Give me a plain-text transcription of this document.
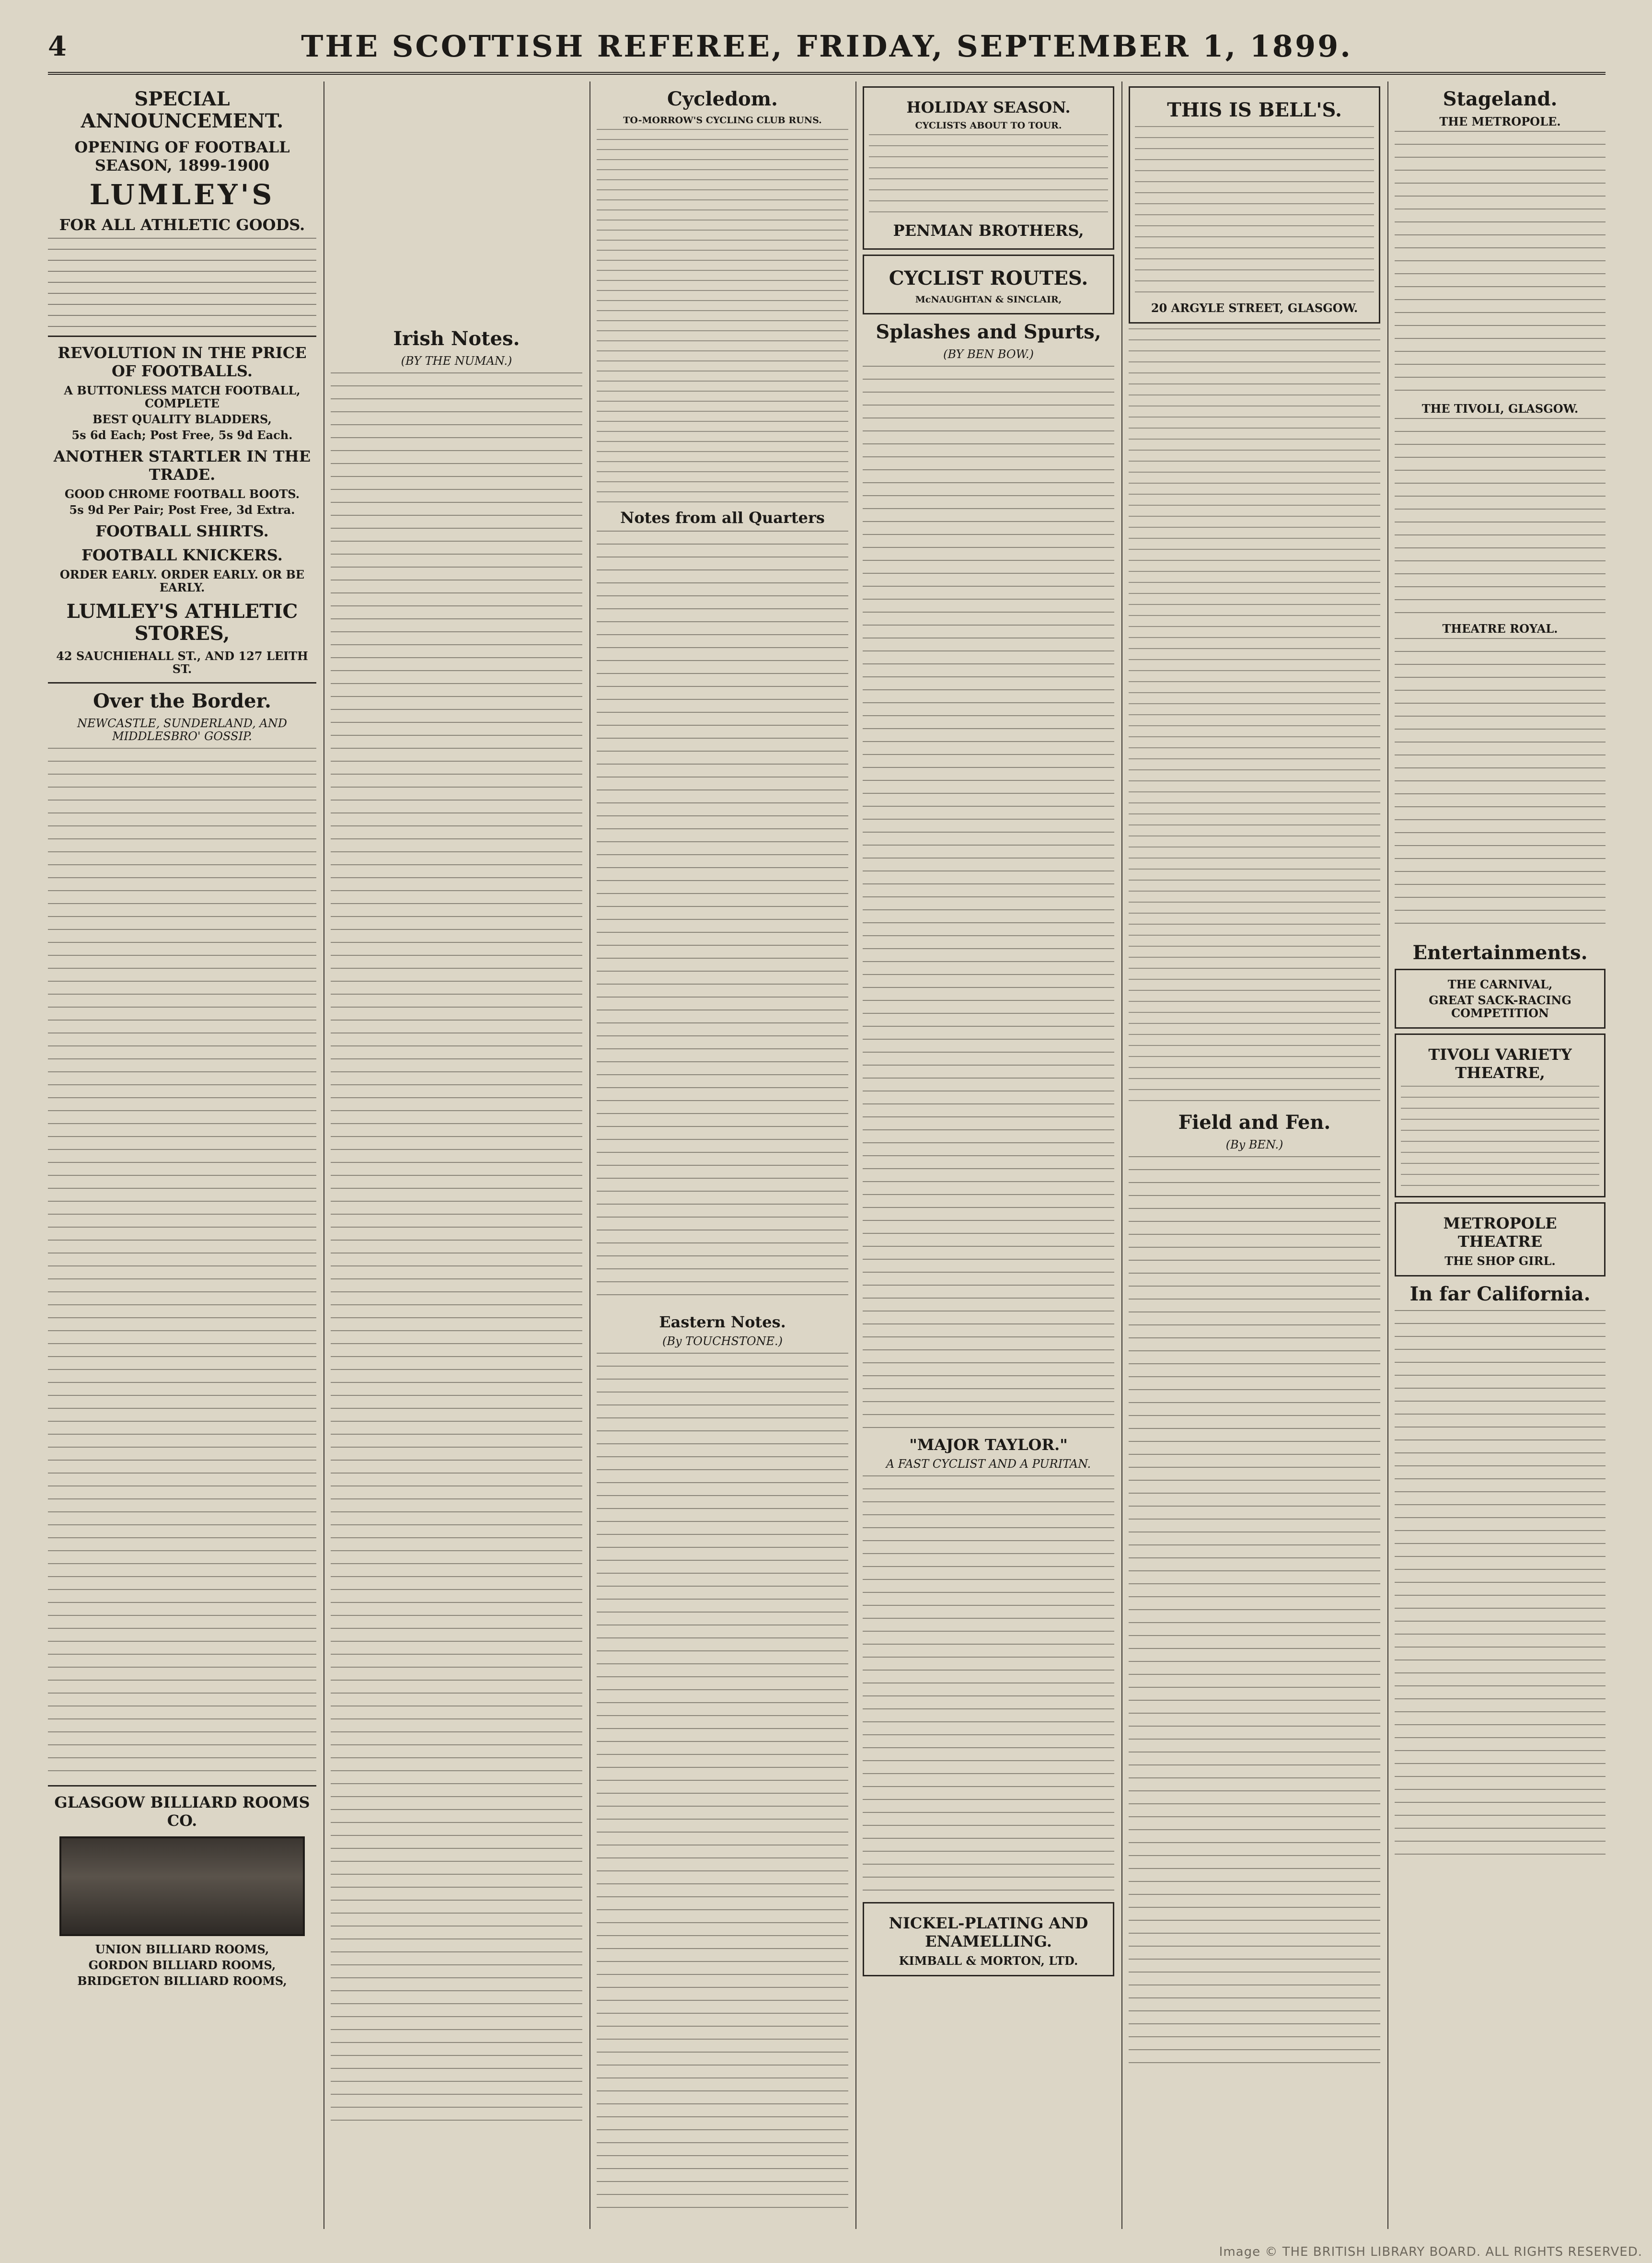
4	THE SCOTTISH REFEREE, FRIDAY, SEPTEMBER 1, 1899.
SPECIAL ANNOUNCEMENT.
OPENING OF FOOTBALL SEASON, 1899-1900
LUMLEY'S
FOR ALL ATHLETIC GOODS.
REVOLUTION IN THE PRICE OF FOOTBALLS.
A BUTTONLESS MATCH FOOTBALL, COMPLETE
BEST QUALITY BLADDERS,
5s 6d Each; Post Free, 5s 9d Each.
ANOTHER STARTLER IN THE TRADE.
GOOD CHROME FOOTBALL BOOTS.
5s 9d Per Pair; Post Free, 3d Extra.
FOOTBALL SHIRTS.
FOOTBALL KNICKERS.
ORDER EARLY. ORDER EARLY. OR BE EARLY.
LUMLEY'S ATHLETIC STORES,
42 SAUCHIEHALL ST., AND 127 LEITH ST.
Over the Border.
NEWCASTLE, SUNDERLAND, AND MIDDLESBRO' GOSSIP.
GLASGOW BILLIARD ROOMS CO.
UNION BILLIARD ROOMS,
GORDON BILLIARD ROOMS,
BRIDGETON BILLIARD ROOMS,
Irish Notes.
(BY THE NUMAN.)
Cycledom.
TO-MORROW'S CYCLING CLUB RUNS.
Notes from all Quarters
Eastern Notes.
(By TOUCHSTONE.)
HOLIDAY SEASON.
CYCLISTS ABOUT TO TOUR.
PENMAN BROTHERS,
CYCLIST ROUTES.
McNAUGHTAN & SINCLAIR,
Splashes and Spurts,
(BY BEN BOW.)
"MAJOR TAYLOR."
A FAST CYCLIST AND A PURITAN.
NICKEL-PLATING AND ENAMELLING.
KIMBALL & MORTON, LTD.
THIS IS BELL'S.
20 ARGYLE STREET, GLASGOW.
Field and Fen.
(By BEN.)
Stageland.
THE METROPOLE.
THE TIVOLI, GLASGOW.
THEATRE ROYAL.
Entertainments.
THE CARNIVAL,
GREAT SACK-RACING COMPETITION
TIVOLI VARIETY THEATRE,
METROPOLE THEATRE
THE SHOP GIRL.
In far California.
Image © THE BRITISH LIBRARY BOARD. ALL RIGHTS RESERVED.
